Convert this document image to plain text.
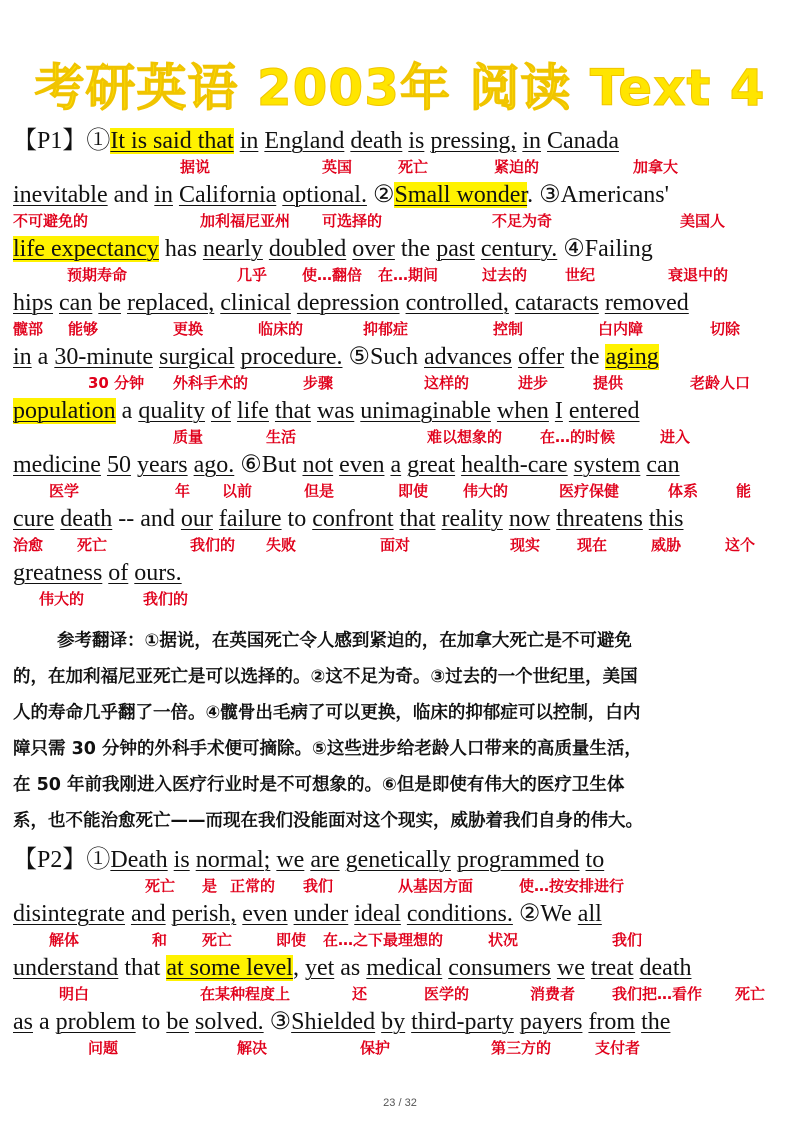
考研英语 2003年 阅读 Text 4
【P1】①It is said that in England death is pressing, in Canada
据说	英国	死亡	紧迫的	加拿大
inevitable and in California optional. ②Small wonder. ③Americans'
不可避免的	加利福尼亚州 可选择的	不足为奇	美国人
life expectancy has nearly doubled over the past century. ④Failing
预期寿命	几乎 使…翻倍 在…期间	过去的	世纪	衰退中的
hips can be replaced, clinical depression controlled, cataracts removed
髋部 能够	更换	临床的	抑郁症	控制	白内障	切除
in a 30-minute surgical procedure. ⑤Such advances offer the aging
30 分钟 外科手术的	步骤	这样的	进步	提供	老龄人口
population a quality of life that was unimaginable when I entered
质量	生活	难以想象的	在…的时候	进入
medicine 50 years ago. ⑥But not even a great health-care system can
医学	年 以前	但是	即使 伟大的	医疗保健	体系	能
cure death -- and our failure to confront that reality now threatens this
治愈 死亡	我们的 失败	面对	现实 现在	威胁	这个
greatness of ours.
伟大的	我们的
参考翻译：①据说，在英国死亡令人感到紧迫的，在加拿大死亡是不可避免
的，在加利福尼亚死亡是可以选择的。②这不足为奇。③过去的一个世纪里，美国
人的寿命几乎翻了一倍。④髋骨出毛病了可以更换，临床的抑郁症可以控制，白内
障只需 30 分钟的外科手术便可摘除。⑤这些进步给老龄人口带来的高质量生活，
在 50 年前我刚进入医疗行业时是不可想象的。⑥但是即使有伟大的医疗卫生体
系，也不能治愈死亡——而现在我们没能面对这个现实，威胁着我们自身的伟大。
【P2】①Death is normal; we are genetically programmed to
死亡 是 正常的 我们	从基因方面	使…按安排进行
disintegrate and perish, even under ideal conditions. ②We all
解体	和 死亡	即使 在…之下最理想的	状况	我们
understand that at some level, yet as medical consumers we treat death
明白	在某种程度上	还	医学的	消费者 我们把…看作 死亡
as a problem to be solved. ③Shielded by third-party payers from the
问题	解决	保护	第三方的	支付者
23 / 32
